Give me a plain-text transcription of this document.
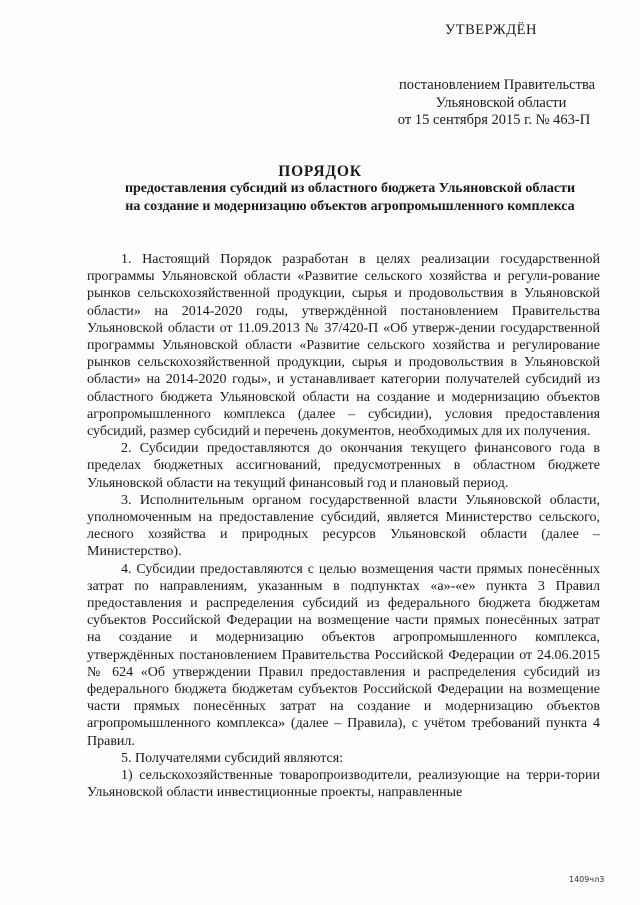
УТВЕРЖДЁН
постановлением Правительства
Ульяновской области
от 15 сентября 2015 г. № 463-П
ПОРЯДОК
предоставления субсидий из областного бюджета Ульяновской области
на создание и модернизацию объектов агропромышленного комплекса

1. Настоящий Порядок разработан в целях реализации государственной программы Ульяновской области «Развитие сельского хозяйства и регули-рование рынков сельскохозяйственной продукции, сырья и продовольствия в Ульяновской области» на 2014-2020 годы, утверждённой постановлением Правительства Ульяновской области от 11.09.2013 № 37/420-П «Об утверж-дении государственной программы Ульяновской области «Развитие сельского хозяйства и регулирование рынков сельскохозяйственной продукции, сырья и продовольствия в Ульяновской области» на 2014-2020 годы», и устанавливает категории получателей субсидий из областного бюджета Ульяновской области на создание и модернизацию объектов агропромышленного комплекса (далее – субсидии), условия предоставления субсидий, размер субсидий и перечень документов, необходимых для их получения.

2. Субсидии предоставляются до окончания текущего финансового года в пределах бюджетных ассигнований, предусмотренных в областном бюджете Ульяновской области на текущий финансовый год и плановый период.

3. Исполнительным органом государственной власти Ульяновской области, уполномоченным на предоставление субсидий, является Министерство сельского, лесного хозяйства и природных ресурсов Ульяновской области (далее – Министерство).

4. Субсидии предоставляются с целью возмещения части прямых понесённых затрат по направлениям, указанным в подпунктах «а»-«е» пункта 3 Правил предоставления и распределения субсидий из федерального бюджета бюджетам субъектов Российской Федерации на возмещение части прямых понесённых затрат на создание и модернизацию объектов агропромышленного комплекса, утверждённых постановлением Правительства Российской Федерации от 24.06.2015 № 624 «Об утверждении Правил предоставления и распределения субсидий из федерального бюджета бюджетам субъектов Российской Федерации на возмещение части прямых понесённых затрат на создание и модернизацию объектов агропромышленного комплекса» (далее – Правила), с учётом требований пункта 4 Правил.

5. Получателями субсидий являются:

1) сельскохозяйственные товаропроизводители, реализующие на терри-тории Ульяновской области инвестиционные проекты, направленные

1409чл3
